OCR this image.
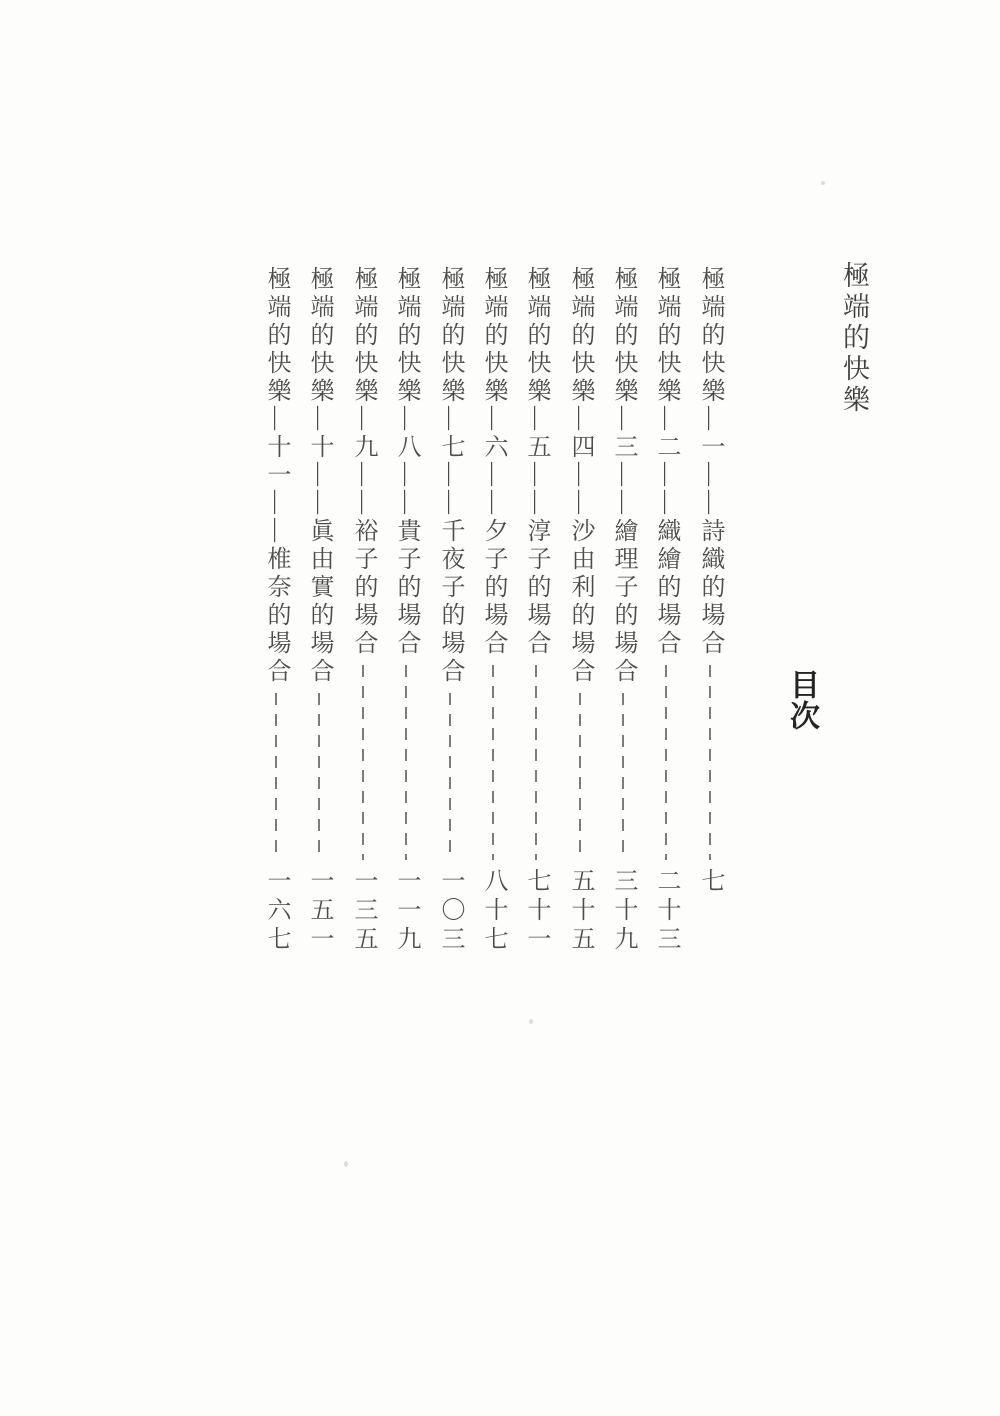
極端的快樂
目次
極端的快樂—一——詩織的場合
七
極端的快樂—二——織繪的場合
二十三
極端的快樂—三——繪理子的場合
三十九
極端的快樂—四——沙由利的場合
五十五
極端的快樂—五——淳子的場合
七十一
極端的快樂—六——夕子的場合
八十七
極端的快樂—七——千夜子的場合
一〇三
極端的快樂—八——貴子的場合
一一九
極端的快樂—九——裕子的場合
一三五
極端的快樂—十——眞由實的場合
一五一
極端的快樂—十一——椎奈的場合
一六七
